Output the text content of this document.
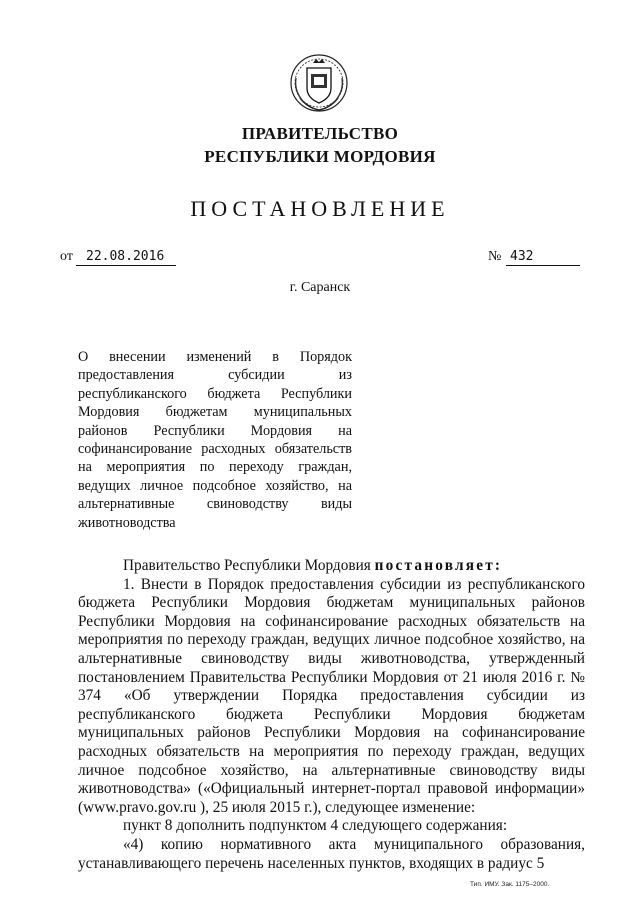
ПРАВИТЕЛЬСТВО
РЕСПУБЛИКИ МОРДОВИЯ
ПОСТАНОВЛЕНИЕ
от	22.08.2016	№ 432
г. Саранск

О внесении изменений в Порядок предоставления субсидии из республиканского бюджета Республики Мордовия бюджетам муниципальных районов Республики Мордовия на софинансирование расходных обязательств на мероприятия по переходу граждан, ведущих личное подсобное хозяйство, на альтернативные свиноводству виды животноводства

Правительство Республики Мордовия постановляет:

1. Внести в Порядок предоставления субсидии из республиканского бюджета Республики Мордовия бюджетам муниципальных районов Республики Мордовия на софинансирование расходных обязательств на мероприятия по переходу граждан, ведущих личное подсобное хозяйство, на альтернативные свиноводству виды животноводства, утвержденный постановлением Правительства Республики Мордовия от 21 июля 2016 г. № 374 «Об утверждении Порядка предоставления субсидии из республиканского бюджета Республики Мордовия бюджетам муниципальных районов Республики Мордовия на софинансирование расходных обязательств на мероприятия по переходу граждан, ведущих личное подсобное хозяйство, на альтернативные свиноводству виды животноводства» («Официальный интернет-портал правовой информации» (www.pravo.gov.ru ), 25 июля 2015 г.), следующее изменение:

пункт 8 дополнить подпунктом 4 следующего содержания:

«4) копию нормативного акта муниципального образования, устанавливающего перечень населенных пунктов, входящих в радиус 5

Тип. ИМУ. Зак. 1175–2000.
